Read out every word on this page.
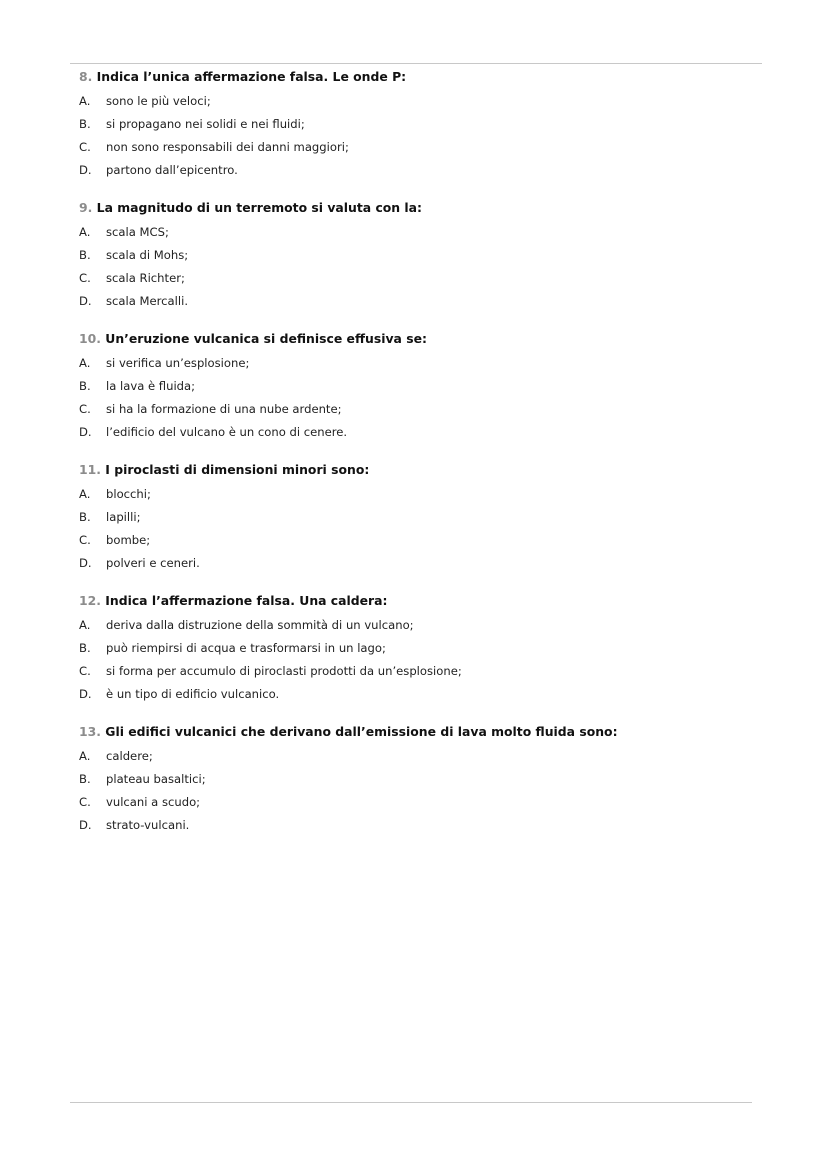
8. Indica l’unica affermazione falsa. Le onde P:
A.	sono le più veloci;
B.	si propagano nei solidi e nei fluidi;
C.	non sono responsabili dei danni maggiori;
D.	partono dall’epicentro.
9. La magnitudo di un terremoto si valuta con la:
A.	scala MCS;
B.	scala di Mohs;
C.	scala Richter;
D.	scala Mercalli.
10. Un’eruzione vulcanica si definisce effusiva se:
A.	si verifica un’esplosione;
B.	la lava è fluida;
C.	si ha la formazione di una nube ardente;
D.	l’edificio del vulcano è un cono di cenere.
11. I piroclasti di dimensioni minori sono:
A.	blocchi;
B.	lapilli;
C.	bombe;
D.	polveri e ceneri.
12. Indica l’affermazione falsa. Una caldera:
A.	deriva dalla distruzione della sommità di un vulcano;
B.	può riempirsi di acqua e trasformarsi in un lago;
C.	si forma per accumulo di piroclasti prodotti da un’esplosione;
D.	è un tipo di edificio vulcanico.
13. Gli edifici vulcanici che derivano dall’emissione di lava molto fluida sono:
A.	caldere;
B.	plateau basaltici;
C.	vulcani a scudo;
D.	strato-vulcani.
